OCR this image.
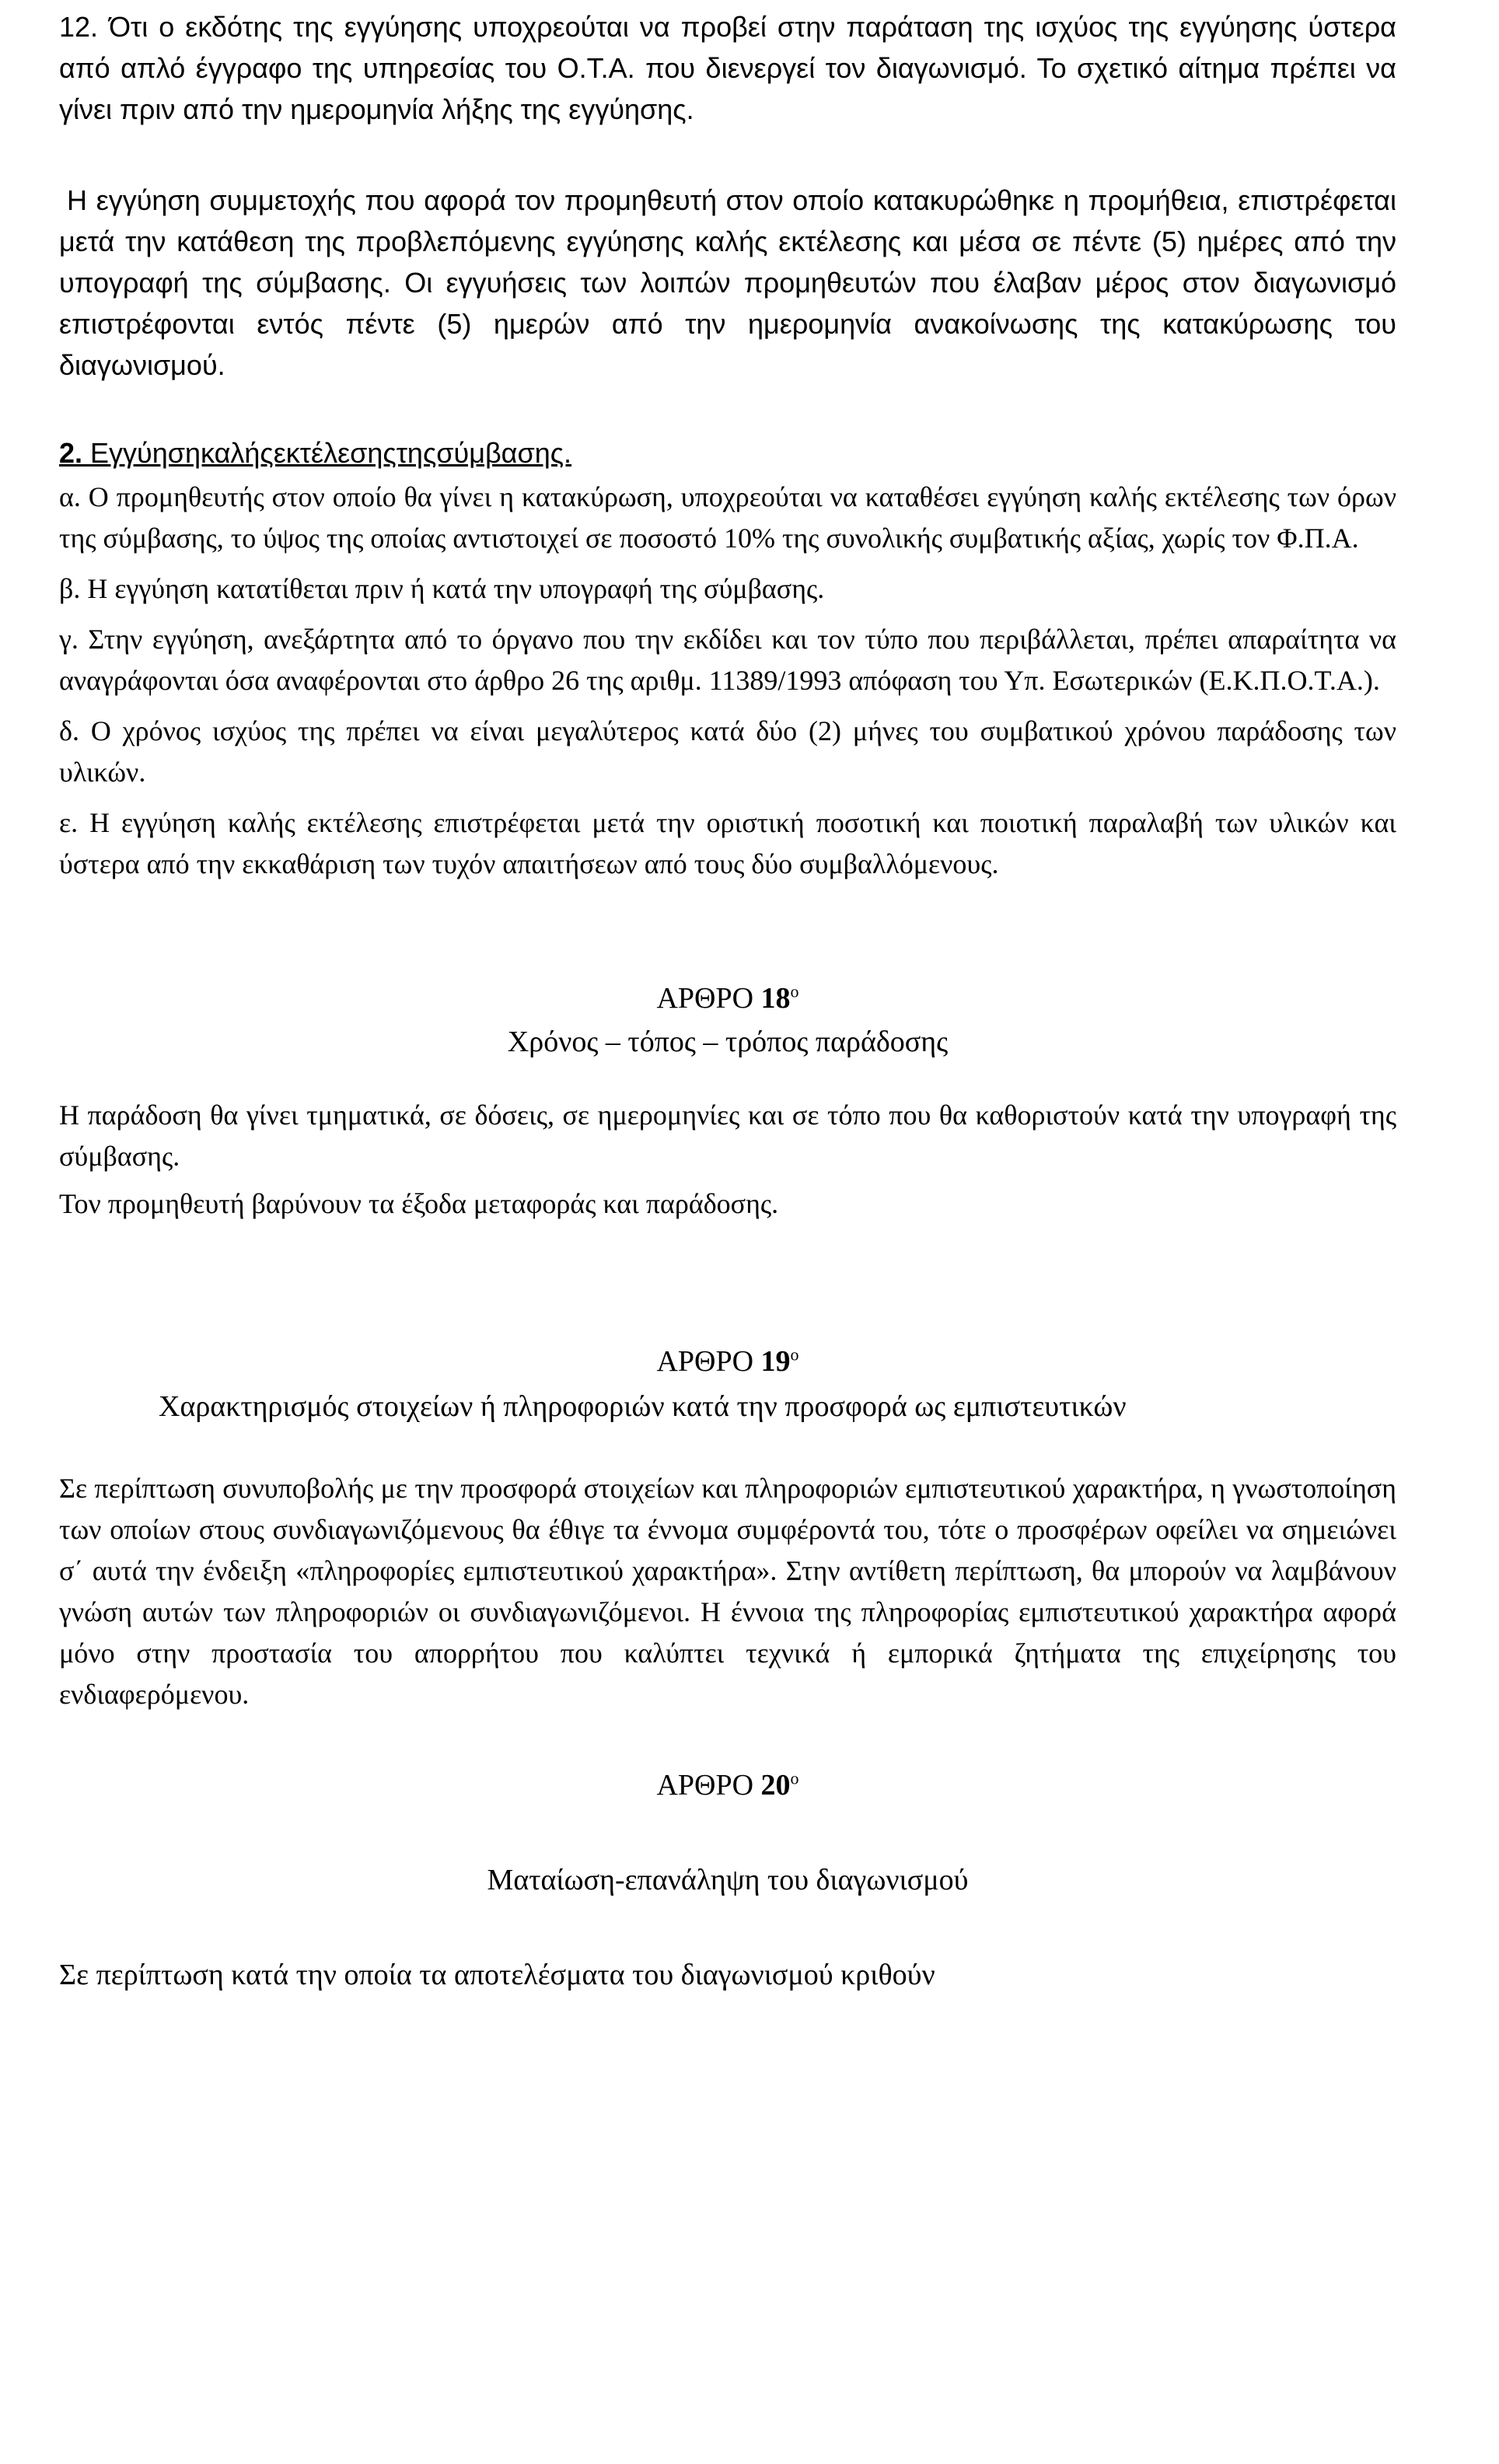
12. Ότι ο εκδότης της εγγύησης υποχρεούται να προβεί στην παράταση της ισχύος της εγγύησης ύστερα από απλό έγγραφο της υπηρεσίας του Ο.Τ.Α. που διενεργεί τον διαγωνισμό. Το σχετικό αίτημα πρέπει να γίνει πριν από την ημερομηνία λήξης της εγγύησης.

Η εγγύηση συμμετοχής που αφορά τον προμηθευτή στον οποίο κατακυρώθηκε η προμήθεια, επιστρέφεται μετά την κατάθεση της προβλεπόμενης εγγύησης καλής εκτέλεσης και μέσα σε πέντε (5) ημέρες από την υπογραφή της σύμβασης. Οι εγγυήσεις των λοιπών προμηθευτών που έλαβαν μέρος στον διαγωνισμό επιστρέφονται εντός πέντε (5) ημερών από την ημερομηνία ανακοίνωσης της κατακύρωσης του διαγωνισμού.

2. Εγγύησηκαλήςεκτέλεσηςτηςσύμβασης.

α. Ο προμηθευτής στον οποίο θα γίνει η κατακύρωση, υποχρεούται να καταθέσει εγγύηση καλής εκτέλεσης των όρων της σύμβασης, το ύψος της οποίας αντιστοιχεί σε ποσοστό 10% της συνολικής συμβατικής αξίας, χωρίς τον Φ.Π.Α.

β. Η εγγύηση κατατίθεται πριν ή κατά την υπογραφή της σύμβασης.

γ. Στην εγγύηση, ανεξάρτητα από το όργανο που την εκδίδει και τον τύπο που περιβάλλεται, πρέπει απαραίτητα να αναγράφονται όσα αναφέρονται στο άρθρο 26 της αριθμ. 11389/1993 απόφαση του Υπ. Εσωτερικών (Ε.Κ.Π.Ο.Τ.Α.).

δ. Ο χρόνος ισχύος της πρέπει να είναι μεγαλύτερος κατά δύο (2) μήνες του συμβατικού χρόνου παράδοσης των υλικών.

ε. Η εγγύηση καλής εκτέλεσης επιστρέφεται μετά την οριστική ποσοτική και ποιοτική παραλαβή των υλικών και ύστερα από την εκκαθάριση των τυχόν απαιτήσεων από τους δύο συμβαλλόμενους.

ΑΡΘΡΟ $18^o$

Χρόνος – τόπος – τρόπος παράδοσης

Η παράδοση θα γίνει τμηματικά, σε δόσεις, σε ημερομηνίες και σε τόπο που θα καθοριστούν κατά την υπογραφή της σύμβασης.

Τον προμηθευτή βαρύνουν τα έξοδα μεταφοράς και παράδοσης.

ΑΡΘΡΟ $19^o$

Χαρακτηρισμός στοιχείων ή πληροφοριών κατά την προσφορά ως εμπιστευτικών

Σε περίπτωση συνυποβολής με την προσφορά στοιχείων και πληροφοριών εμπιστευτικού χαρακτήρα, η γνωστοποίηση των οποίων στους συνδιαγωνιζόμενους θα έθιγε τα έννομα συμφέροντά του, τότε ο προσφέρων οφείλει να σημειώνει σ΄ αυτά την ένδειξη «πληροφορίες εμπιστευτικού χαρακτήρα». Στην αντίθετη περίπτωση, θα μπορούν να λαμβάνουν γνώση αυτών των πληροφοριών οι συνδιαγωνιζόμενοι. Η έννοια της πληροφορίας εμπιστευτικού χαρακτήρα αφορά μόνο στην προστασία του απορρήτου που καλύπτει τεχνικά ή εμπορικά ζητήματα της επιχείρησης του ενδιαφερόμενου.

ΑΡΘΡΟ $20^o$

Ματαίωση-επανάληψη του διαγωνισμού

Σε περίπτωση κατά την οποία τα αποτελέσματα του διαγωνισμού κριθούν
